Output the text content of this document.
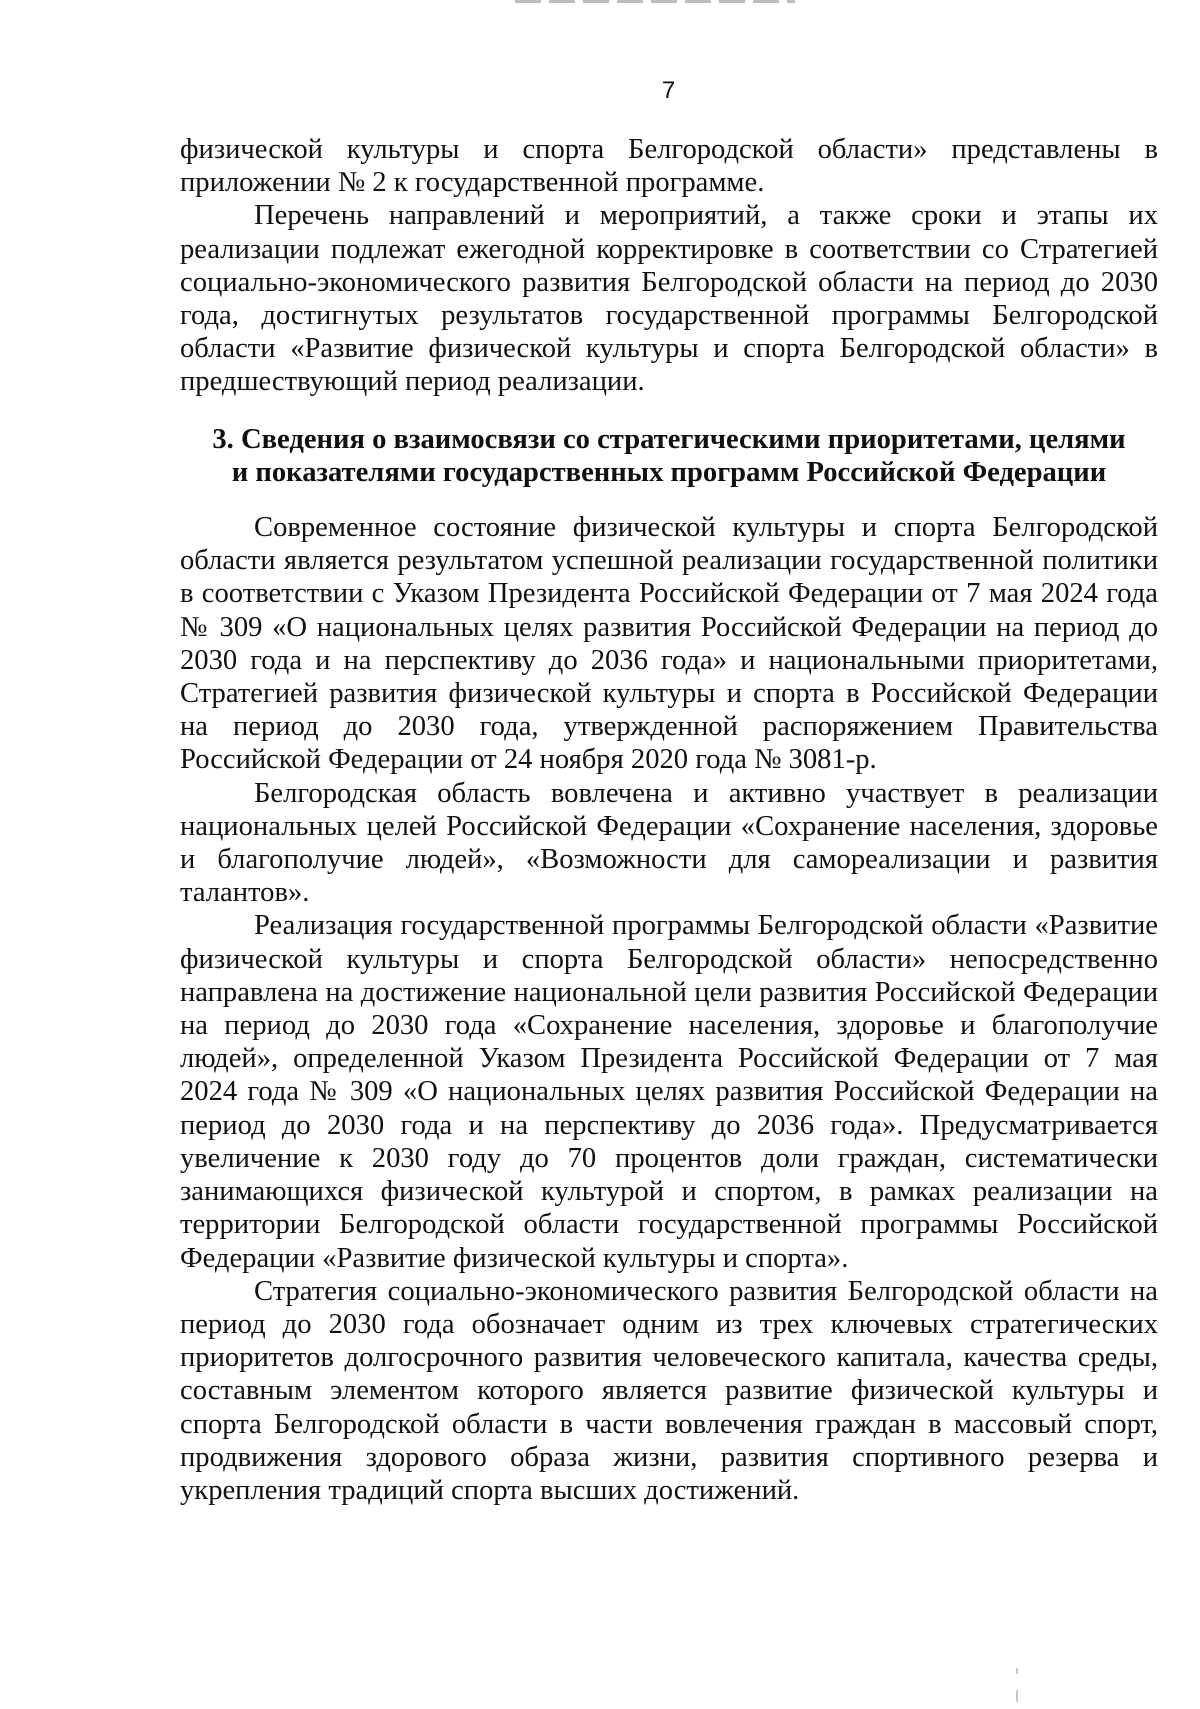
7

физической культуры и спорта Белгородской области» представлены в приложении № 2 к государственной программе.

Перечень направлений и мероприятий, а также сроки и этапы их реализации подлежат ежегодной корректировке в соответствии со Стратегией социально-экономического развития Белгородской области на период до 2030 года, достигнутых результатов государственной программы Белгородской области «Развитие физической культуры и спорта Белгородской области» в предшествующий период реализации.

3. Сведения о взаимосвязи со стратегическими приоритетами, целями
и показателями государственных программ Российской Федерации

Современное состояние физической культуры и спорта Белгородской области является результатом успешной реализации государственной политики в соответствии с Указом Президента Российской Федерации от 7 мая 2024 года № 309 «О национальных целях развития Российской Федерации на период до 2030 года и на перспективу до 2036 года» и национальными приоритетами, Стратегией развития физической культуры и спорта в Российской Федерации на период до 2030 года, утвержденной распоряжением Правительства Российской Федерации от 24 ноября 2020 года № 3081-р.

Белгородская область вовлечена и активно участвует в реализации национальных целей Российской Федерации «Сохранение населения, здоровье и благополучие людей», «Возможности для самореализации и развития талантов».

Реализация государственной программы Белгородской области «Развитие физической культуры и спорта Белгородской области» непосредственно направлена на достижение национальной цели развития Российской Федерации на период до 2030 года «Сохранение населения, здоровье и благополучие людей», определенной Указом Президента Российской Федерации от 7 мая 2024 года № 309 «О национальных целях развития Российской Федерации на период до 2030 года и на перспективу до 2036 года». Предусматривается увеличение к 2030 году до 70 процентов доли граждан, систематически занимающихся физической культурой и спортом, в рамках реализации на территории Белгородской области государственной программы Российской Федерации «Развитие физической культуры и спорта».

Стратегия социально-экономического развития Белгородской области на период до 2030 года обозначает одним из трех ключевых стратегических приоритетов долгосрочного развития человеческого капитала, качества среды, составным элементом которого является развитие физической культуры и спорта Белгородской области в части вовлечения граждан в массовый спорт, продвижения здорового образа жизни, развития спортивного резерва и укрепления традиций спорта высших достижений.
